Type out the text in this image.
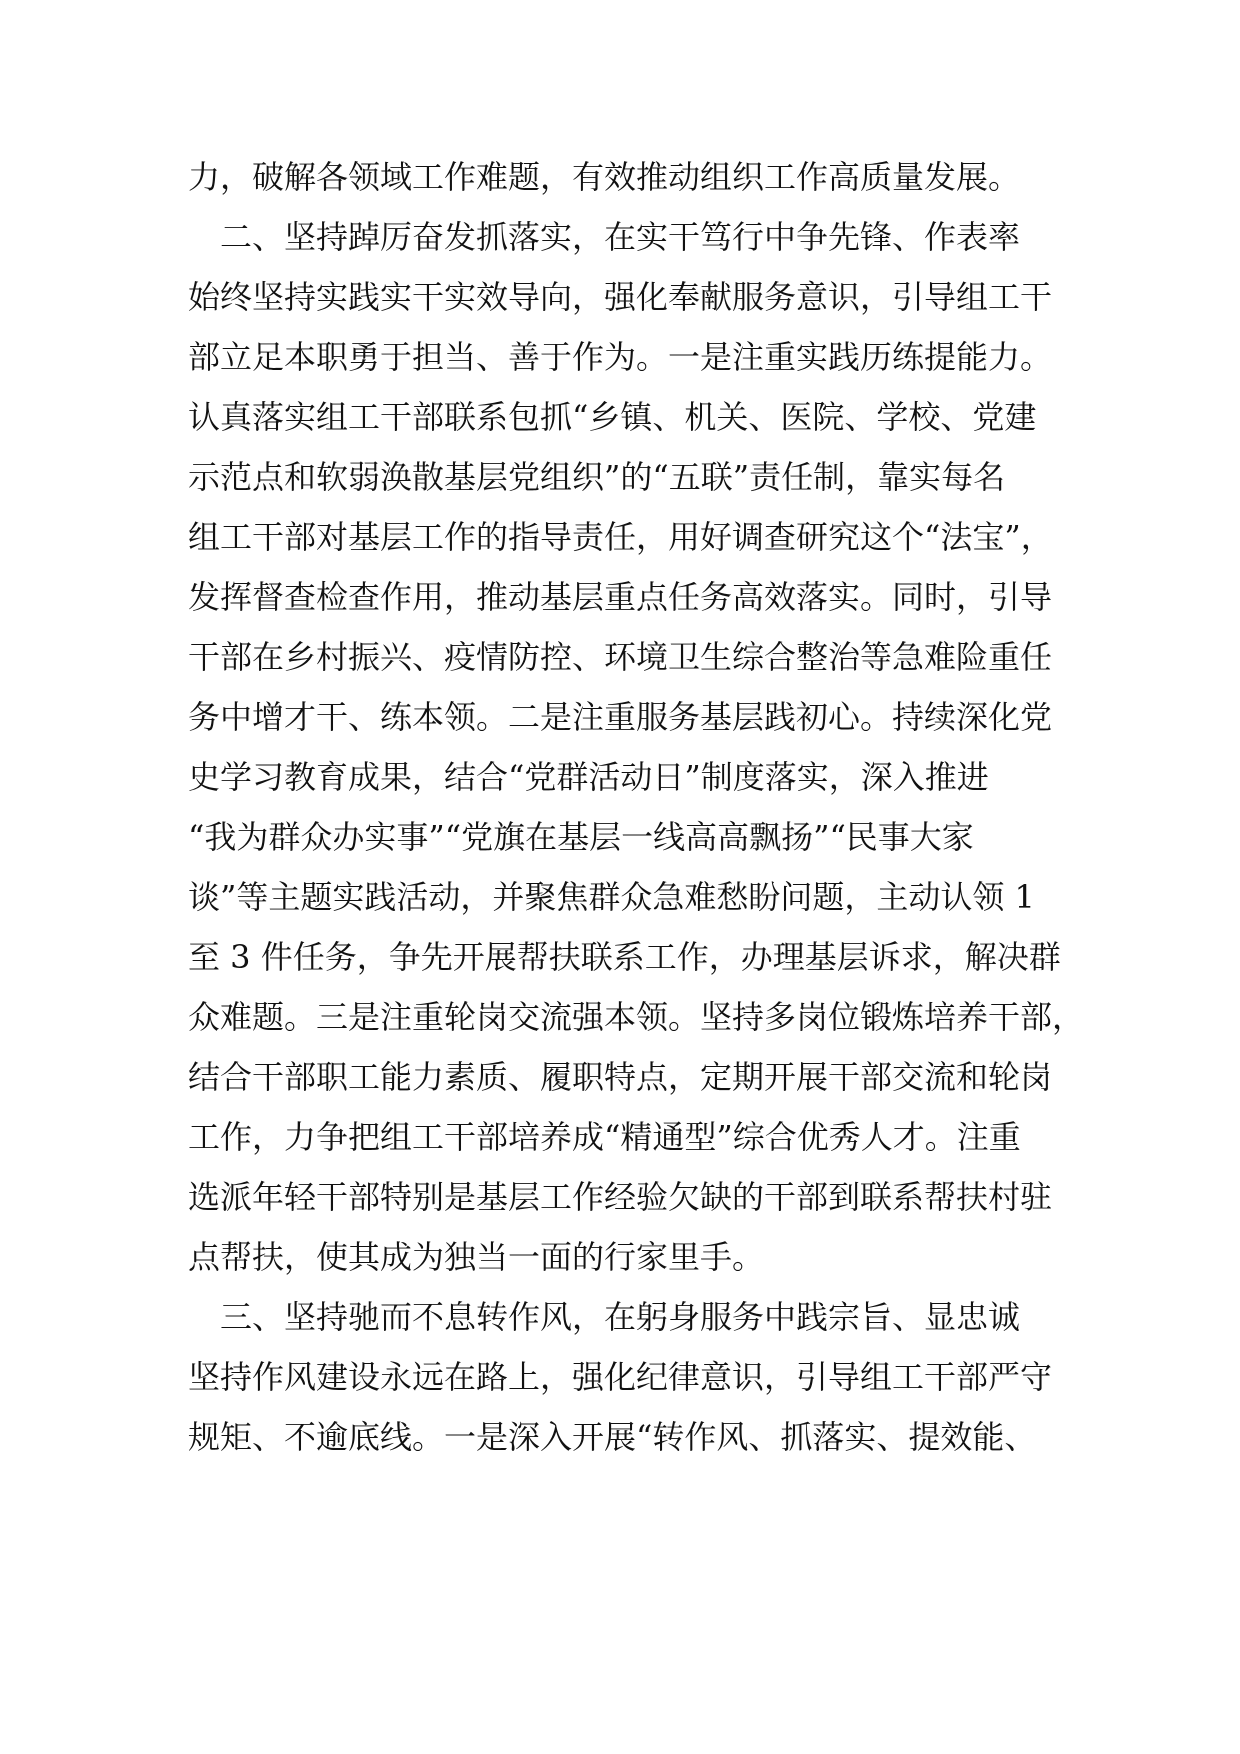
力，破解各领域工作难题，有效推动组织工作高质量发展。
二、坚持踔厉奋发抓落实，在实干笃行中争先锋、作表率
始终坚持实践实干实效导向，强化奉献服务意识，引导组工干
部立足本职勇于担当、善于作为。一是注重实践历练提能力。
认真落实组工干部联系包抓“乡镇、机关、医院、学校、党建
示范点和软弱涣散基层党组织”的“五联”责任制，靠实每名
组工干部对基层工作的指导责任，用好调查研究这个“法宝”，
发挥督查检查作用，推动基层重点任务高效落实。同时，引导
干部在乡村振兴、疫情防控、环境卫生综合整治等急难险重任
务中增才干、练本领。二是注重服务基层践初心。持续深化党
史学习教育成果，结合“党群活动日”制度落实，深入推进
“我为群众办实事”“党旗在基层一线高高飘扬”“民事大家
谈”等主题实践活动，并聚焦群众急难愁盼问题，主动认领 1
至 3 件任务，争先开展帮扶联系工作，办理基层诉求，解决群
众难题。三是注重轮岗交流强本领。坚持多岗位锻炼培养干部，
结合干部职工能力素质、履职特点，定期开展干部交流和轮岗
工作，力争把组工干部培养成“精通型”综合优秀人才。注重
选派年轻干部特别是基层工作经验欠缺的干部到联系帮扶村驻
点帮扶，使其成为独当一面的行家里手。
三、坚持驰而不息转作风，在躬身服务中践宗旨、显忠诚
坚持作风建设永远在路上，强化纪律意识，引导组工干部严守
规矩、不逾底线。一是深入开展“转作风、抓落实、提效能、
